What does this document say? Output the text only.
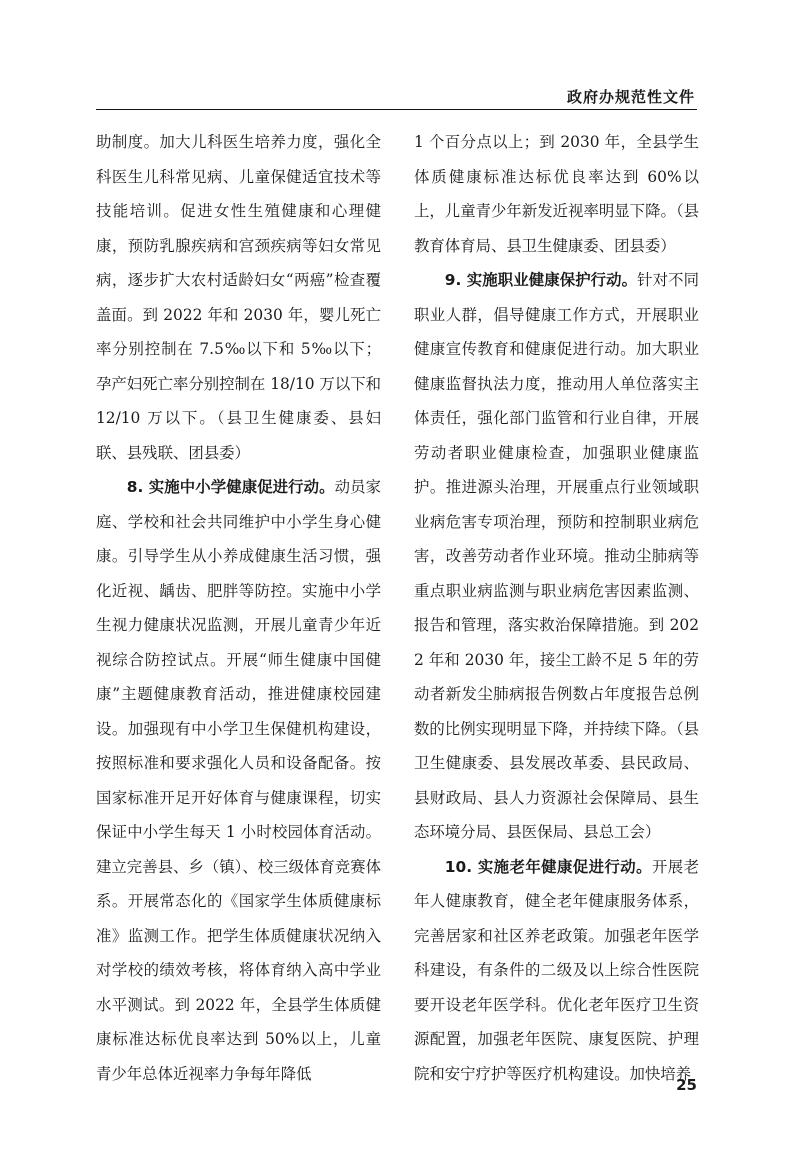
政府办规范性文件

助制度。加大儿科医生培养力度，强化全科医生儿科常见病、儿童保健适宜技术等技能培训。促进女性生殖健康和心理健康，预防乳腺疾病和宫颈疾病等妇女常见病，逐步扩大农村适龄妇女“两癌”检查覆盖面。到 2022 年和 2030 年，婴儿死亡率分别控制在 7.5‰以下和 5‰以下；孕产妇死亡率分别控制在 18/10 万以下和 12/10 万以下。（县卫生健康委、县妇联、县残联、团县委）

8. 实施中小学健康促进行动。动员家庭、学校和社会共同维护中小学生身心健康。引导学生从小养成健康生活习惯，强化近视、龋齿、肥胖等防控。实施中小学生视力健康状况监测，开展儿童青少年近视综合防控试点。开展“师生健康中国健康”主题健康教育活动，推进健康校园建设。加强现有中小学卫生保健机构建设，按照标准和要求强化人员和设备配备。按国家标准开足开好体育与健康课程，切实保证中小学生每天 1 小时校园体育活动。建立完善县、乡（镇）、校三级体育竞赛体系。开展常态化的《国家学生体质健康标准》监测工作。把学生体质健康状况纳入对学校的绩效考核，将体育纳入高中学业水平测试。到 2022 年，全县学生体质健康标准达标优良率达到 50%以上，儿童青少年总体近视率力争每年降低

1 个百分点以上；到 2030 年，全县学生体质健康标准达标优良率达到 60%以上，儿童青少年新发近视率明显下降。（县教育体育局、县卫生健康委、团县委）

9. 实施职业健康保护行动。针对不同职业人群，倡导健康工作方式，开展职业健康宣传教育和健康促进行动。加大职业健康监督执法力度，推动用人单位落实主体责任，强化部门监管和行业自律，开展劳动者职业健康检查，加强职业健康监护。推进源头治理，开展重点行业领域职业病危害专项治理，预防和控制职业病危害，改善劳动者作业环境。推动尘肺病等重点职业病监测与职业病危害因素监测、报告和管理，落实救治保障措施。到 2022 年和 2030 年，接尘工龄不足 5 年的劳动者新发尘肺病报告例数占年度报告总例数的比例实现明显下降，并持续下降。（县卫生健康委、县发展改革委、县民政局、县财政局、县人力资源社会保障局、县生态环境分局、县医保局、县总工会）

10. 实施老年健康促进行动。开展老年人健康教育，健全老年健康服务体系，完善居家和社区养老政策。加强老年医学科建设，有条件的二级及以上综合性医院要开设老年医学科。优化老年医疗卫生资源配置，加强老年医院、康复医院、护理院和安宁疗护等医疗机构建设。加快培养

25
